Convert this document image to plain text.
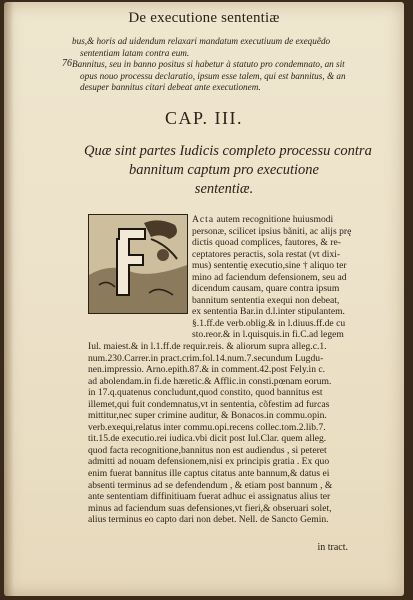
De executione sententiæ
bus,& horis ad uidendum relaxari mandatum executiuum de exequẽdo
sententiam latam contra eum.
Bannitus, seu in banno positus si habetur à statuto pro condemnato, an sit
opus nouo processu declaratio, ipsum esse talem, qui est bannitus, & an
desuper bannitus citari debeat ante executionem.
76
CAP. III.
Quæ sint partes Iudicis completo processu contra
bannitum captum pro executione
sententiæ.
Acta autem recognitione huiusmodi
personæ, scilicet ipsius bãniti, ac alijs prę
dictis quoad complices, fautores, & re-
ceptatores peractis, sola restat (vt dixi-
mus) sententię executio,sine † aliquo ter
mino ad faciendum defensionem, seu ad
dicendum causam, quare contra ipsum
bannitum sententia exequi non debeat,
ex sententia Bar.in d.l.inter stipulantem.
§.1.ff.de verb.oblig.& in l.diuus.ff.de cu
sto.reor.& in l.quisquis.in fi.C.ad legem
Iul. maiest.& in l.1.ff.de requir.reis. & aliorum supra alleg.c.1.
num.230.Carrer.in pract.crim.fol.14.num.7.secundum Lugdu-
nen.impressio. Arno.epith.87.& in comment.42.post Fely.in c.
ad abolendam.in fi.de hæretic.& Afflic.in consti.pœnam eorum.
in 17.q.quatenus concludunt,quod constito, quod bannitus est
illemet,qui fuit condemnatus,vt in sententia, cõfestim ad furcas
mittitur,nec super crimine auditur, & Bonacos.in commu.opin.
verb.exequi,relatus inter commu.opi.recens collec.tom.2.lib.7.
tit.15.de executio.rei iudica.vbi dicit post Iul.Clar. quem alleg.
quod facta recognitione,bannitus non est audiendus , si peteret
admitti ad nouam defensionem,nisi ex principis gratia . Ex quo
enim fuerat bannitus ille captus citatus ante bannum,& datus ei
absenti terminus ad se defendendum , & etiam post bannum , &
ante sententiam diffinitiuam fuerat adhuc ei assignatus alius ter
minus ad faciendum suas defensiones,vt fieri,& obseruari solet,
alius terminus eo capto dari non debet. Nell. de Sancto Gemin.
in tract.
